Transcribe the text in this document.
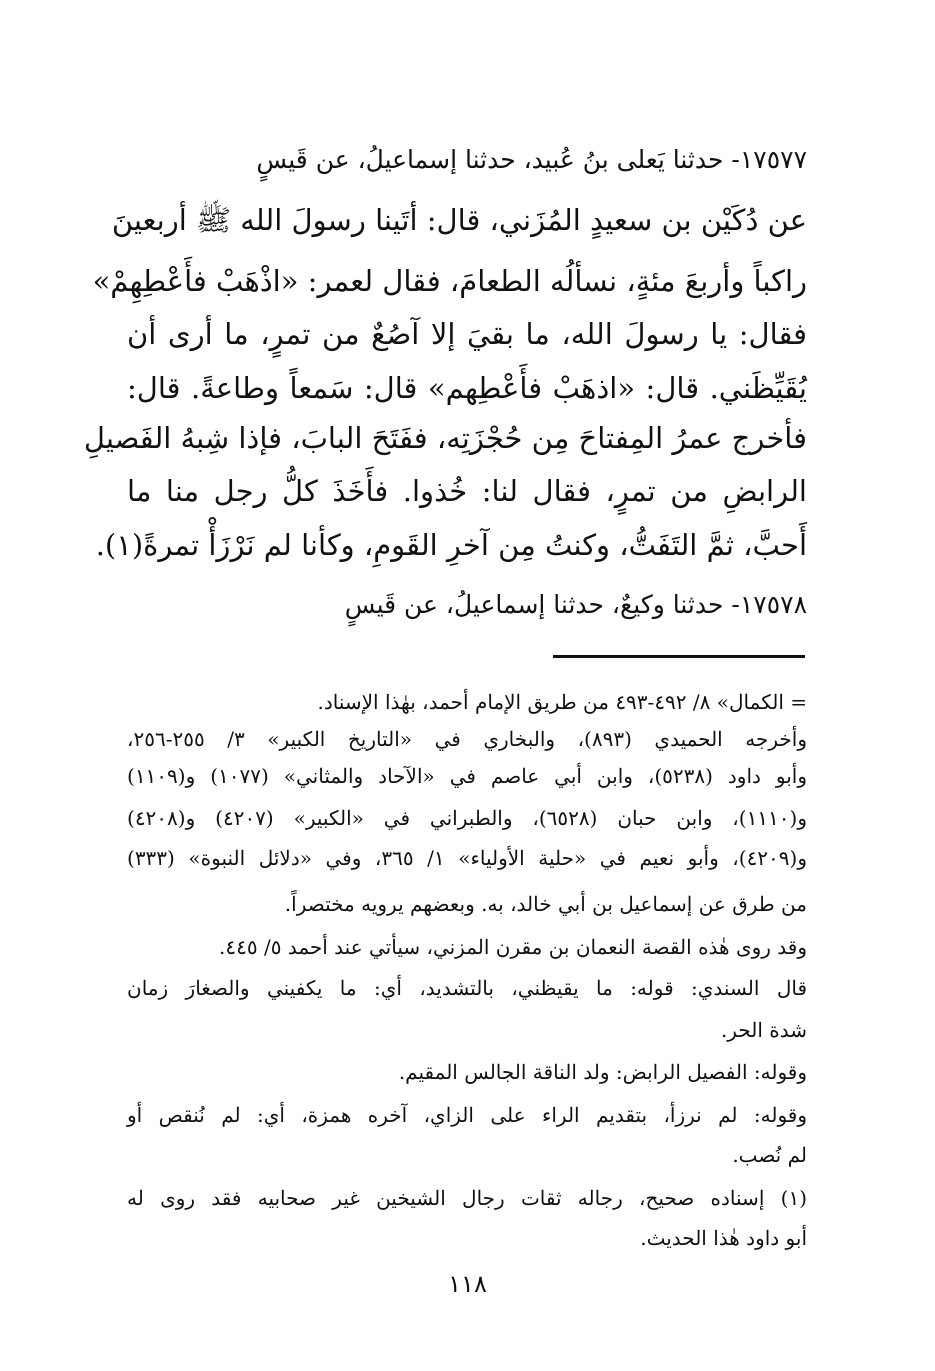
١٧٥٧٧- حدثنا يَعلى بنُ عُبيد، حدثنا إسماعيلُ، عن قَيسٍ
عن دُكَيْن بن سعيدٍ المُزَني، قال: أتَينا رسولَ الله ﷺ أربعينَ
راكباً وأربعَ مئةٍ، نسألُه الطعامَ، فقال لعمر: «اذْهَبْ فأَعْطِهِمْ»
فقال: يا رسولَ الله، ما بقيَ إلا آصُعٌ من تمرٍ، ما أرى أن
يُقَيِّظَني. قال: «اذهَبْ فأَعْطِهم» قال: سَمعاً وطاعةً. قال:
فأخرج عمرُ المِفتاحَ مِن حُجْزَتِه، ففَتَحَ البابَ، فإذا شِبهُ الفَصيلِ
الرابضِ من تمرٍ، فقال لنا: خُذوا. فأَخَذَ كلُّ رجل منا ما
أَحبَّ، ثمَّ التَفَتُّ، وكنتُ مِن آخرِ القَومِ، وكأنا لم نَرْزَأْ تمرةً(١).
١٧٥٧٨- حدثنا وكيعٌ، حدثنا إسماعيلُ، عن قَيسٍ
= الكمال» ٨/ ٤٩٢-٤٩٣ من طريق الإمام أحمد، بهٰذا الإسناد.
وأخرجه الحميدي (٨٩٣)، والبخاري في «التاريخ الكبير» ٣/ ٢٥٥-٢٥٦،
وأبو داود (٥٢٣٨)، وابن أبي عاصم في «الآحاد والمثاني» (١٠٧٧) و(١١٠٩)
و(١١١٠)، وابن حبان (٦٥٢٨)، والطبراني في «الكبير» (٤٢٠٧) و(٤٢٠٨)
و(٤٢٠٩)، وأبو نعيم في «حلية الأولياء» ١/ ٣٦٥، وفي «دلائل النبوة» (٣٣٣)
من طرق عن إسماعيل بن أبي خالد، به. وبعضهم يرويه مختصراً.
وقد روى هٰذه القصة النعمان بن مقرن المزني، سيأتي عند أحمد ٥/ ٤٤٥.
قال السندي: قوله: ما يقيظني، بالتشديد، أي: ما يكفيني والصغارَ زمان
شدة الحر.
وقوله: الفصيل الرابض: ولد الناقة الجالس المقيم.
وقوله: لم نرزأ، بتقديم الراء على الزاي، آخره همزة، أي: لم نُنقص أو
لم نُصب.
(١) إسناده صحيح، رجاله ثقات رجال الشيخين غير صحابيه فقد روى له
أبو داود هٰذا الحديث.
١١٨
